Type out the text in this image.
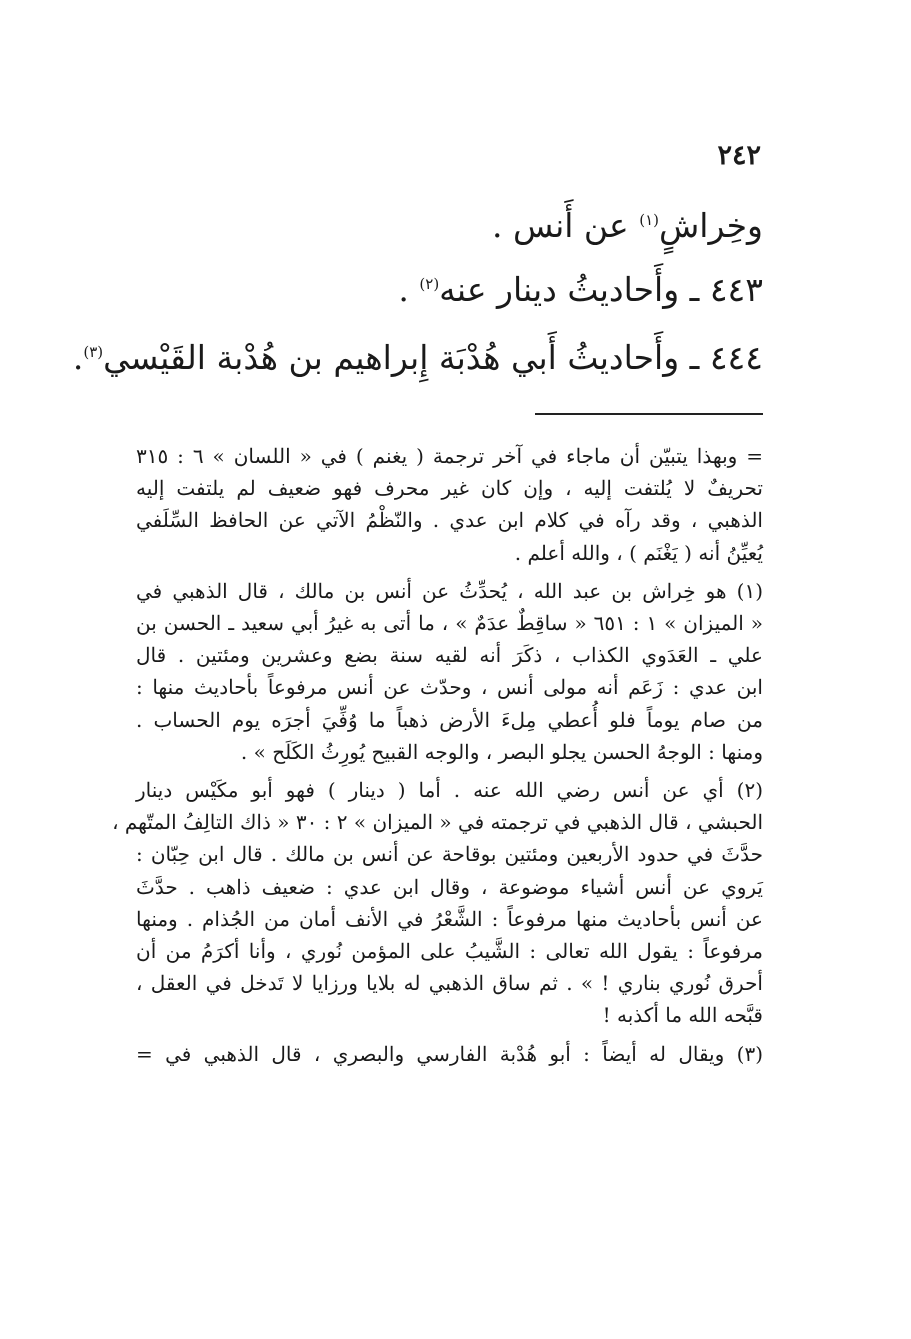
٢٤٢
وخِراشٍ$^{(١)}$ عن أَنس .
٤٤٣ ـ وأَحاديثُ دينار عنه$^{(٢)}$ .
٤٤٤ ـ وأَحاديثُ أَبي هُدْبَة إِبراهيم بن هُدْبة القَيْسي$^{(٣)}$.
= وبهذا يتبيّن أن ماجاء في آخر ترجمة ( يغنم ) في « اللسان » ٦ : ٣١٥
تحريفٌ لا يُلتفت إليه ، وإن كان غير محرف فهو ضعيف لم يلتفت إليه
الذهبي ، وقد رآه في كلام ابن عدي . والنّظْمُ الآتي عن الحافظ السِّلَفي
يُعيِّنُ أنه ( يَغْنَم ) ، والله أعلم .
(١) هو خِراش بن عبد الله ، يُحدِّثُ عن أنس بن مالك ، قال الذهبي في
« الميزان » ١ : ٦٥١ « ساقِطٌ عدَمٌ » ، ما أتى به غيرُ أبي سعيد ـ الحسن بن
علي ـ العَدَوي الكذاب ، ذكَرَ أنه لقيه سنة بضع وعشرين ومئتين . قال
ابن عدي : زَعَم أنه مولى أنس ، وحدّث عن أنس مرفوعاً بأحاديث منها :
من صام يوماً فلو أُعطي مِلءَ الأرض ذهباً ما وُفِّيَ أجرَه يوم الحساب .
ومنها : الوجهُ الحسن يجلو البصر ، والوجه القبيح يُورِثُ الكَلَح » .
(٢) أي عن أنس رضي الله عنه . أما ( دينار ) فهو أبو مكَيْس دينار
الحبشي ، قال الذهبي في ترجمته في « الميزان » ٢ : ٣٠ « ذاك التالِفُ المتّهم ،
حدَّثَ في حدود الأربعين ومئتين بوقاحة عن أنس بن مالك . قال ابن حِبّان :
يَروي عن أنس أشياء موضوعة ، وقال ابن عدي : ضعيف ذاهب . حدَّثَ
عن أنس بأحاديث منها مرفوعاً : الشَّعْرُ في الأنف أمان من الجُذام . ومنها
مرفوعاً : يقول الله تعالى : الشَّيبُ على المؤمن نُوري ، وأنا أكرَمُ من أن
أحرق نُوري بناري ! » . ثم ساق الذهبي له بلايا ورزايا لا تَدخل في العقل ،
قبَّحه الله ما أكذبه !
(٣) ويقال له أيضاً : أبو هُدْبة الفارسي والبصري ، قال الذهبي في =
